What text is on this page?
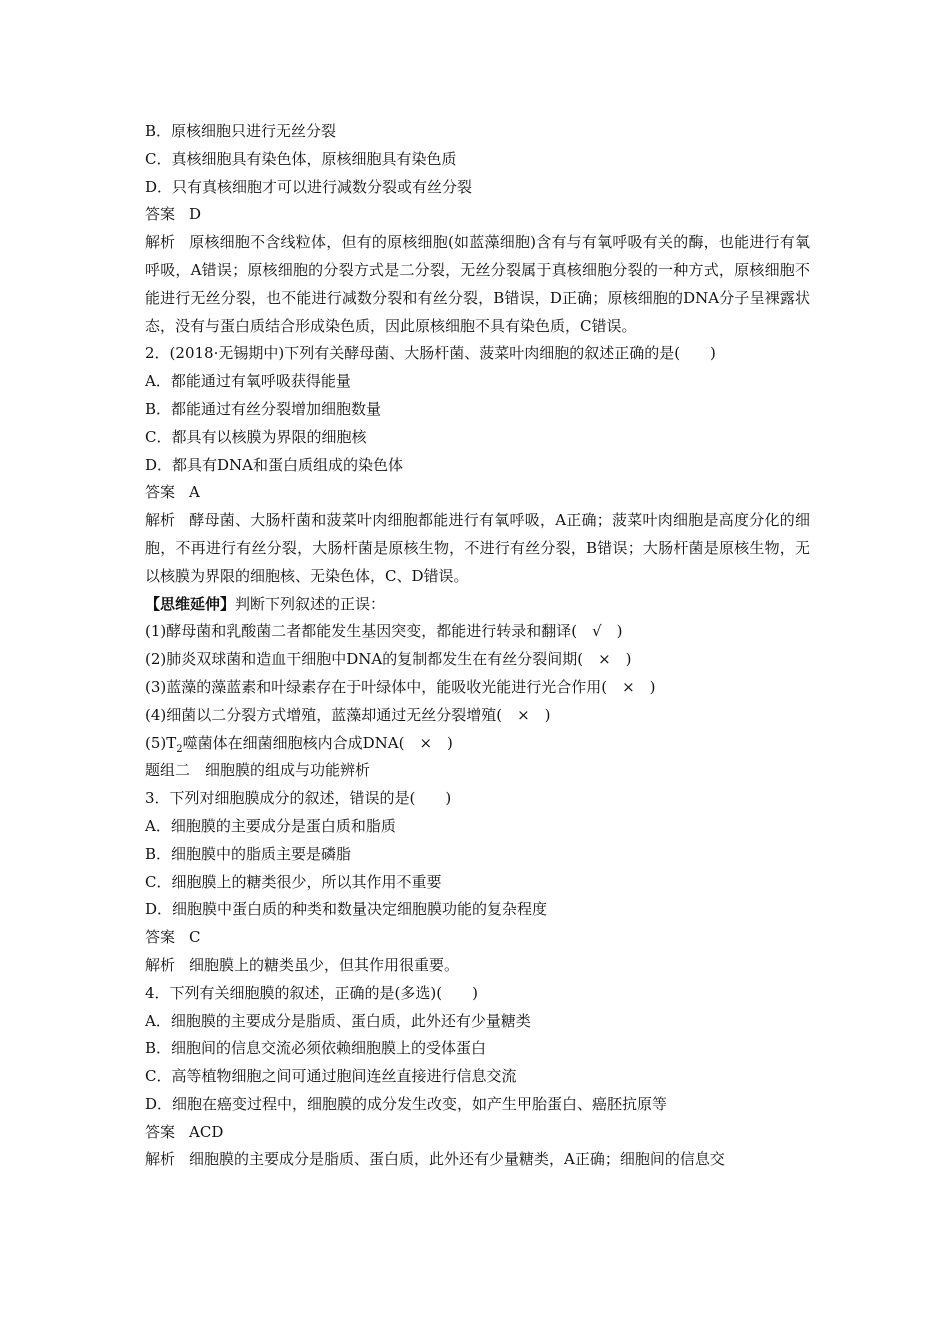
B．原核细胞只进行无丝分裂
C．真核细胞具有染色体，原核细胞具有染色质
D．只有真核细胞才可以进行减数分裂或有丝分裂
答案 D
解析 原核细胞不含线粒体，但有的原核细胞(如蓝藻细胞)含有与有氧呼吸有关的酶，也能进行有氧呼吸，A错误；原核细胞的分裂方式是二分裂，无丝分裂属于真核细胞分裂的一种方式，原核细胞不能进行无丝分裂，也不能进行减数分裂和有丝分裂，B错误，D正确；原核细胞的DNA分子呈裸露状态，没有与蛋白质结合形成染色质，因此原核细胞不具有染色质，C错误。
2．(2018·无锡期中)下列有关酵母菌、大肠杆菌、菠菜叶肉细胞的叙述正确的是(　　)
A．都能通过有氧呼吸获得能量
B．都能通过有丝分裂增加细胞数量
C．都具有以核膜为界限的细胞核
D．都具有DNA和蛋白质组成的染色体
答案 A
解析 酵母菌、大肠杆菌和菠菜叶肉细胞都能进行有氧呼吸，A正确；菠菜叶肉细胞是高度分化的细胞，不再进行有丝分裂，大肠杆菌是原核生物，不进行有丝分裂，B错误；大肠杆菌是原核生物，无以核膜为界限的细胞核、无染色体，C、D错误。
【思维延伸】判断下列叙述的正误：
(1)酵母菌和乳酸菌二者都能发生基因突变，都能进行转录和翻译(　√　)
(2)肺炎双球菌和造血干细胞中DNA的复制都发生在有丝分裂间期(　×　)
(3)蓝藻的藻蓝素和叶绿素存在于叶绿体中，能吸收光能进行光合作用(　×　)
(4)细菌以二分裂方式增殖，蓝藻却通过无丝分裂增殖(　×　)
$(5)T_2$噬菌体在细菌细胞核内合成DNA(　×　)
题组二　细胞膜的组成与功能辨析
3．下列对细胞膜成分的叙述，错误的是(　　)
A．细胞膜的主要成分是蛋白质和脂质
B．细胞膜中的脂质主要是磷脂
C．细胞膜上的糖类很少，所以其作用不重要
D．细胞膜中蛋白质的种类和数量决定细胞膜功能的复杂程度
答案 C
解析 细胞膜上的糖类虽少，但其作用很重要。
4．下列有关细胞膜的叙述，正确的是(多选)(　　)
A．细胞膜的主要成分是脂质、蛋白质，此外还有少量糖类
B．细胞间的信息交流必须依赖细胞膜上的受体蛋白
C．高等植物细胞之间可通过胞间连丝直接进行信息交流
D．细胞在癌变过程中，细胞膜的成分发生改变，如产生甲胎蛋白、癌胚抗原等
答案 ACD
解析 细胞膜的主要成分是脂质、蛋白质，此外还有少量糖类，A正确；细胞间的信息交
